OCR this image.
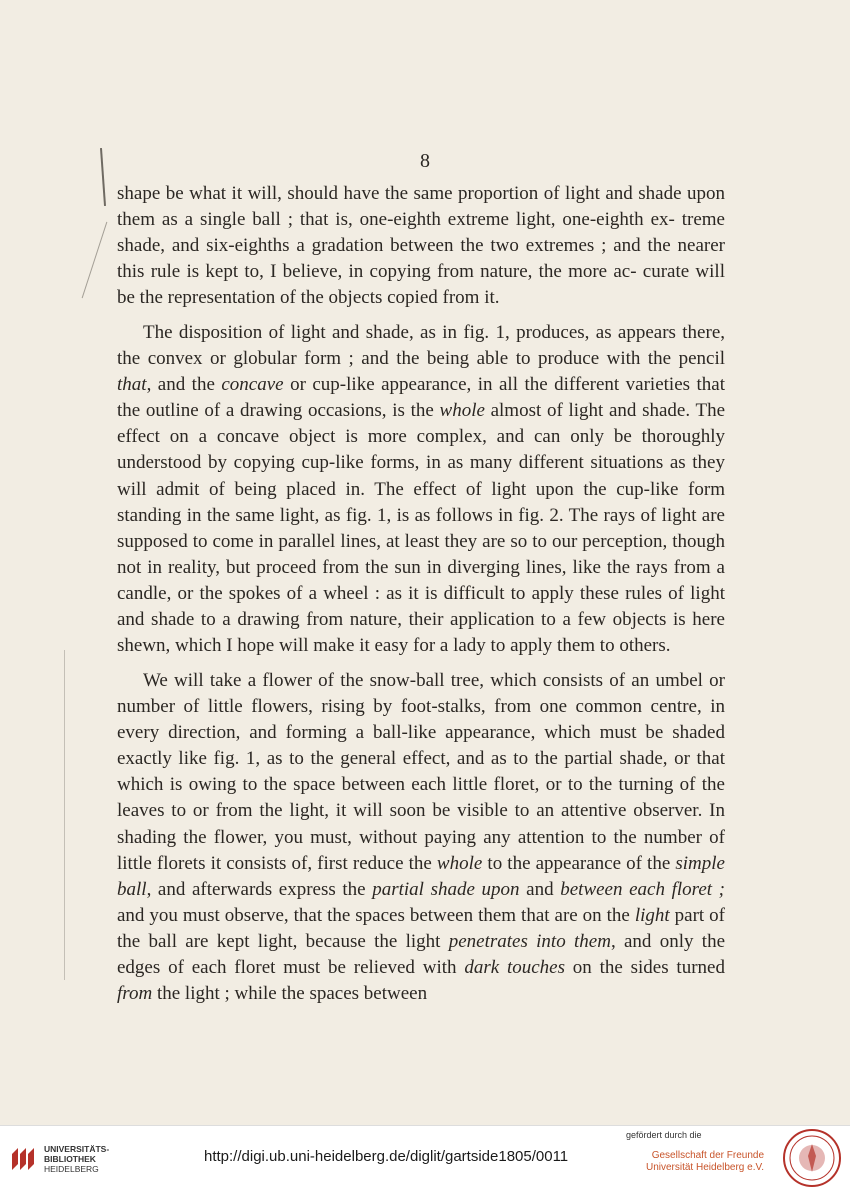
8

shape be what it will, should have the same proportion of light and shade upon them as a single ball ; that is, one-eighth extreme light, one-eighth ex- treme shade, and six-eighths a gradation between the two extremes ; and the nearer this rule is kept to, I believe, in copying from nature, the more ac- curate will be the representation of the objects copied from it.

The disposition of light and shade, as in fig. 1, produces, as appears there, the convex or globular form ; and the being able to produce with the pencil that, and the concave or cup-like appearance, in all the different varieties that the outline of a drawing occasions, is the whole almost of light and shade. The effect on a concave object is more complex, and can only be thoroughly understood by copying cup-like forms, in as many different situations as they will admit of being placed in. The effect of light upon the cup-like form standing in the same light, as fig. 1, is as follows in fig. 2. The rays of light are supposed to come in parallel lines, at least they are so to our perception, though not in reality, but proceed from the sun in diverging lines, like the rays from a candle, or the spokes of a wheel : as it is difficult to apply these rules of light and shade to a drawing from nature, their application to a few objects is here shewn, which I hope will make it easy for a lady to apply them to others.

We will take a flower of the snow-ball tree, which consists of an umbel or number of little flowers, rising by foot-stalks, from one common centre, in every direction, and forming a ball-like appearance, which must be shaded exactly like fig. 1, as to the general effect, and as to the partial shade, or that which is owing to the space between each little floret, or to the turning of the leaves to or from the light, it will soon be visible to an attentive observer. In shading the flower, you must, without paying any attention to the number of little florets it consists of, first reduce the whole to the appearance of the simple ball, and afterwards express the partial shade upon and between each floret ; and you must observe, that the spaces between them that are on the light part of the ball are kept light, because the light penetrates into them, and only the edges of each floret must be relieved with dark touches on the sides turned from the light ; while the spaces between

UNIVERSITÄTS-
BIBLIOTHEK
HEIDELBERG
http://digi.ub.uni-heidelberg.de/diglit/gartside1805/0011
gefördert durch die
Gesellschaft der Freunde
Universität Heidelberg e.V.
